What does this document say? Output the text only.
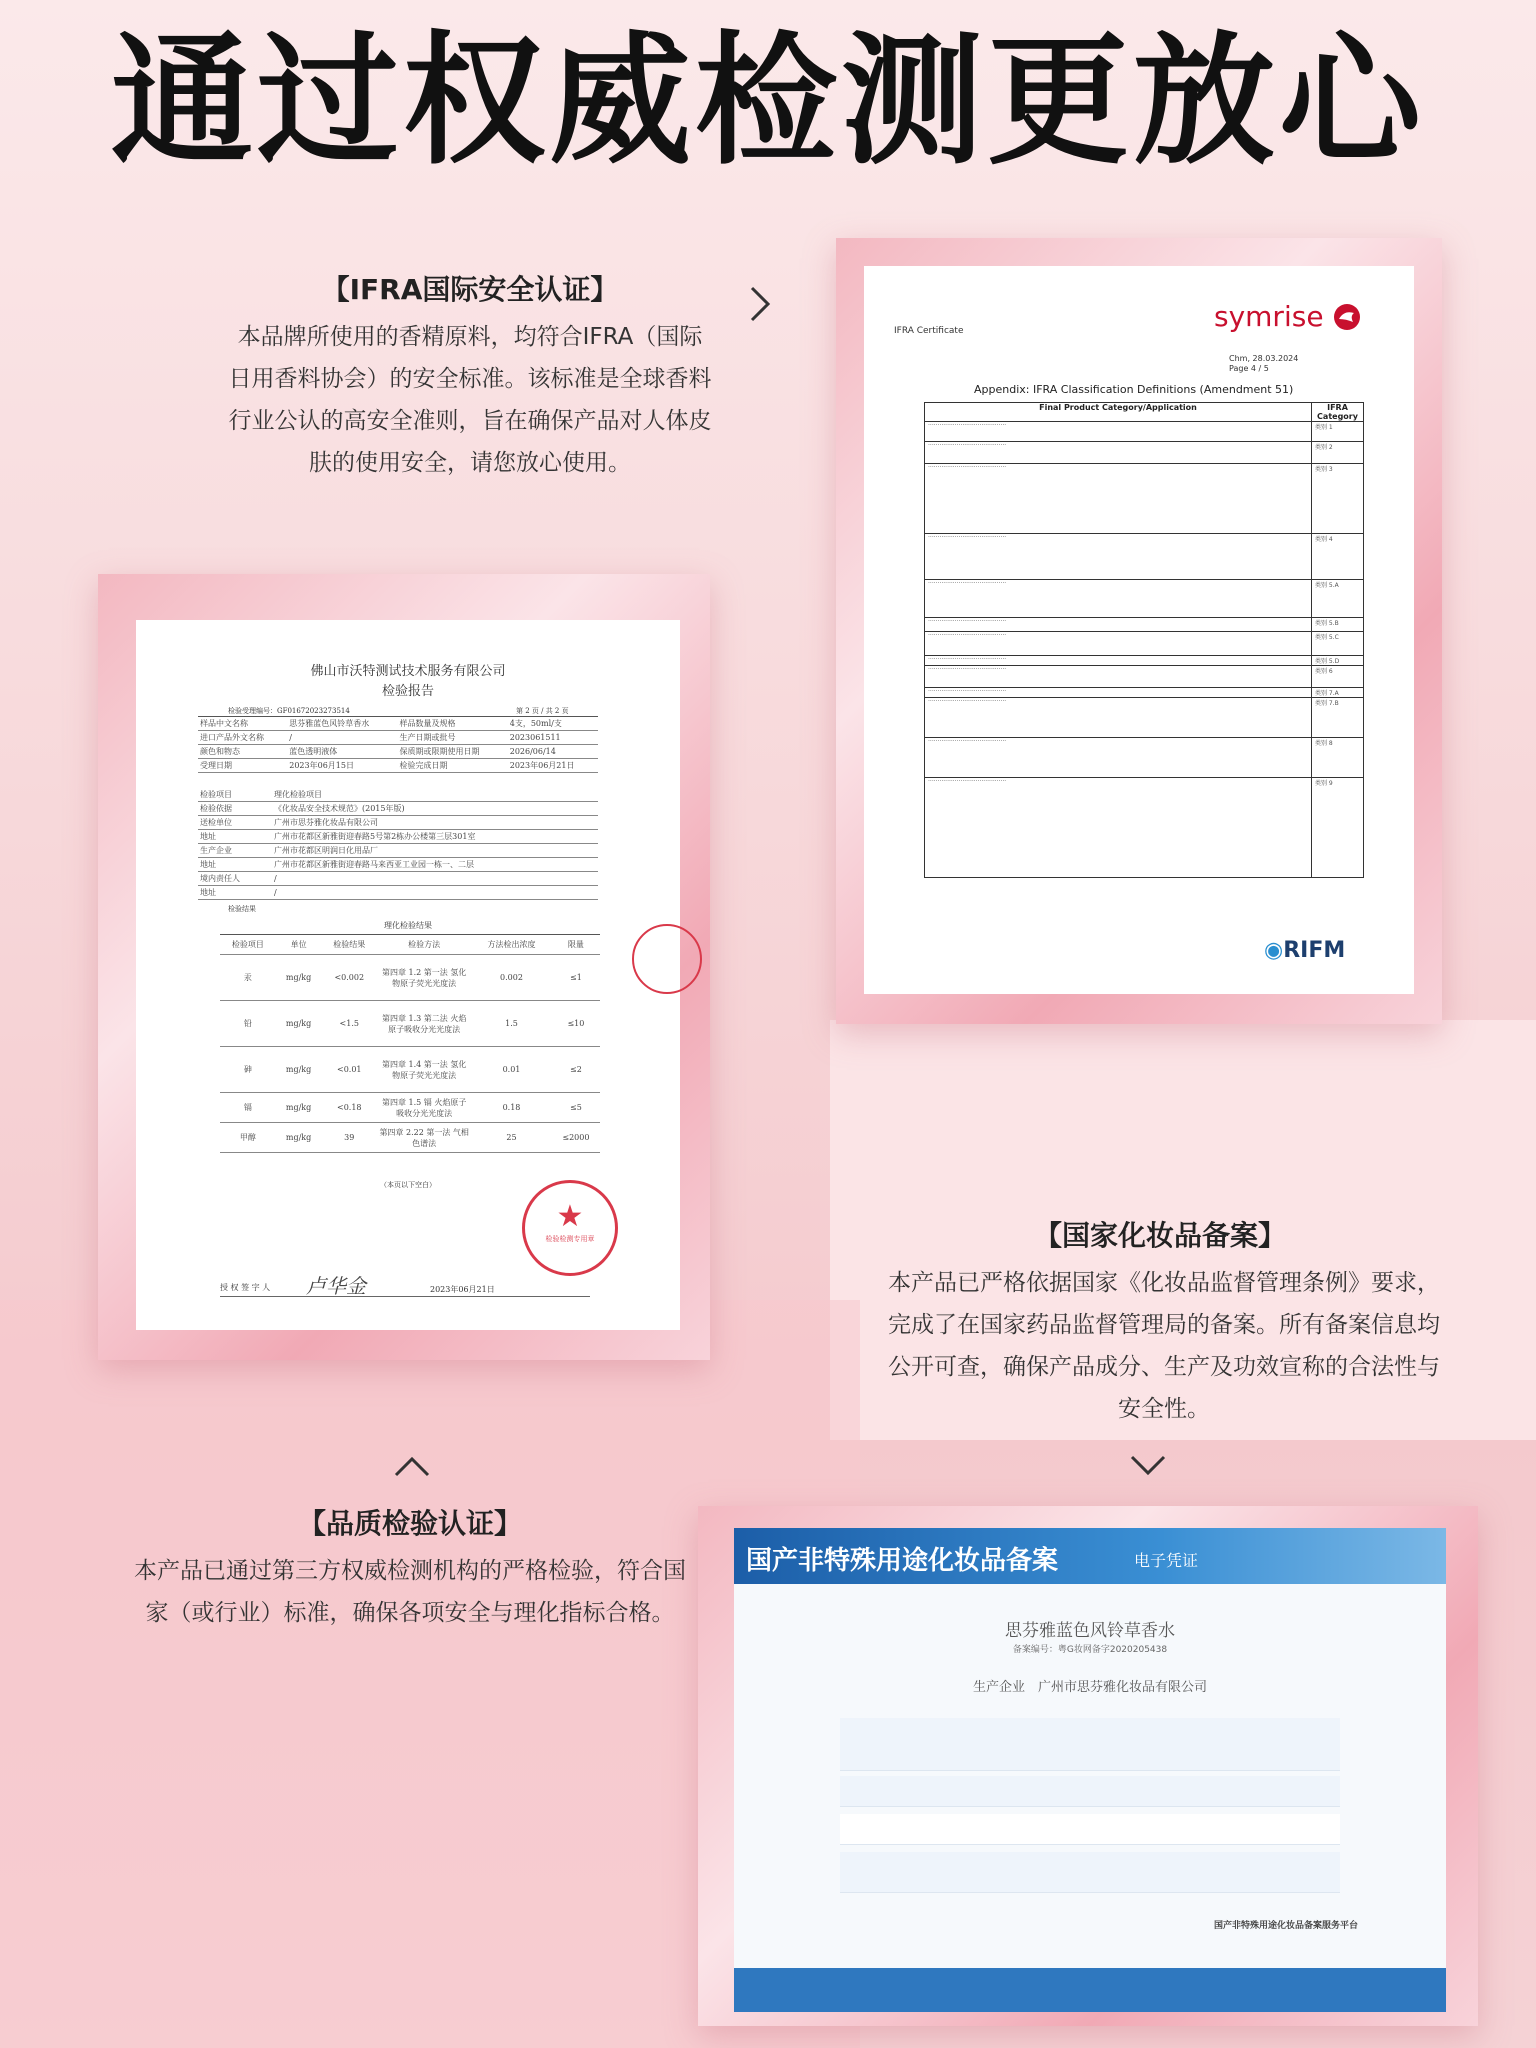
通过权威检测更放心
【IFRA国际安全认证】
本品牌所使用的香精原料，均符合IFRA（国际
日用香料协会）的安全标准。该标准是全球香料
行业公认的高安全准则，旨在确保产品对人体皮
肤的使用安全，请您放心使用。
IFRA Certificate	symrise
Chm, 28.03.2024
Page 4 / 5
Appendix: IFRA Classification Definitions (Amendment 51)
Final Product Category/Application	IFRA Category
·········································	类别 1
·········································	类别 2
·········································	类别 3
·········································	类别 4
·········································	类别 5.A
·········································	类别 5.B
·········································	类别 5.C
·········································	类别 5.D
·········································	类别 6
·········································	类别 7.A
·········································	类别 7.B
·········································	类别 8
·········································	类别 9
◉RIFM
佛山市沃特测试技术服务有限公司
检验报告
检验受理编号：GF01672023273514	第 2 页 / 共 2 页
样品中文名称	思芬雅蓝色风铃草香水	样品数量及规格	4支，50ml/支
进口产品外文名称	/	生产日期或批号	2023061511
颜色和物态	蓝色透明液体	保质期或限期使用日期	2026/06/14
受理日期	2023年06月15日	检验完成日期	2023年06月21日
检验项目	理化检验项目
检验依据	《化妆品安全技术规范》(2015年版)
送检单位	广州市思芬雅化妆品有限公司
地址	广州市花都区新雅街迎春路5号第2栋办公楼第三层301室
生产企业	广州市花都区明润日化用品厂
地址	广州市花都区新雅街迎春路马来西亚工业园一栋一、二层
境内责任人	/
地址	/
检验结果
理化检验结果
检验项目	单位	检验结果	检验方法	方法检出浓度	限量
汞	mg/kg	<0.002	第四章 1.2 第一法 氢化物原子荧光光度法	0.002	≤1
铅	mg/kg	<1.5	第四章 1.3 第二法 火焰原子吸收分光光度法	1.5	≤10
砷	mg/kg	<0.01	第四章 1.4 第一法 氢化物原子荧光光度法	0.01	≤2
镉	mg/kg	<0.18	第四章 1.5 镉 火焰原子吸收分光光度法	0.18	≤5
甲醇	mg/kg	39	第四章 2.22 第一法 气相色谱法	25	≤2000
（本页以下空白）
★
检验检测专用章
授 权 签 字 人 卢华金	2023年06月21日
【国家化妆品备案】
本产品已严格依据国家《化妆品监督管理条例》要求，
完成了在国家药品监督管理局的备案。所有备案信息均
公开可查，确保产品成分、生产及功效宣称的合法性与
安全性。
【品质检验认证】
本产品已通过第三方权威检测机构的严格检验，符合国
家（或行业）标准，确保各项安全与理化指标合格。
国产非特殊用途化妆品备案	电子凭证
思芬雅蓝色风铃草香水
备案编号：粤G妆网备字2020205438
生产企业　广州市思芬雅化妆品有限公司
国产非特殊用途化妆品备案服务平台
